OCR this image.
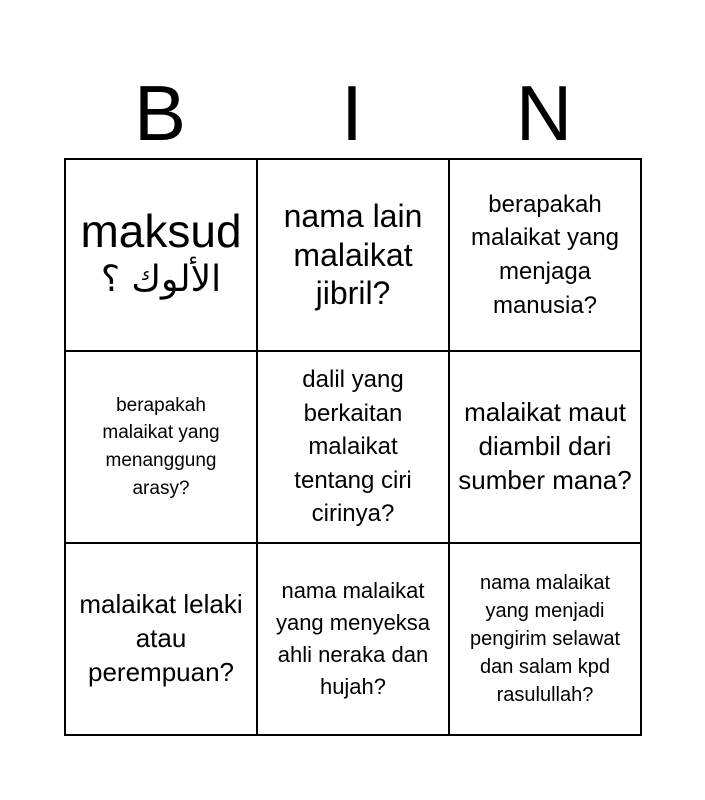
B	I	N
maksud
الألوك ؟
nama lain malaikat jibril?
berapakah malaikat yang menjaga manusia?
berapakah malaikat yang menanggung arasy?
dalil yang berkaitan malaikat tentang ciri cirinya?
malaikat maut diambil dari sumber mana?
malaikat lelaki atau perempuan?
nama malaikat yang menyeksa ahli neraka dan hujah?
nama malaikat yang menjadi pengirim selawat dan salam kpd rasulullah?
